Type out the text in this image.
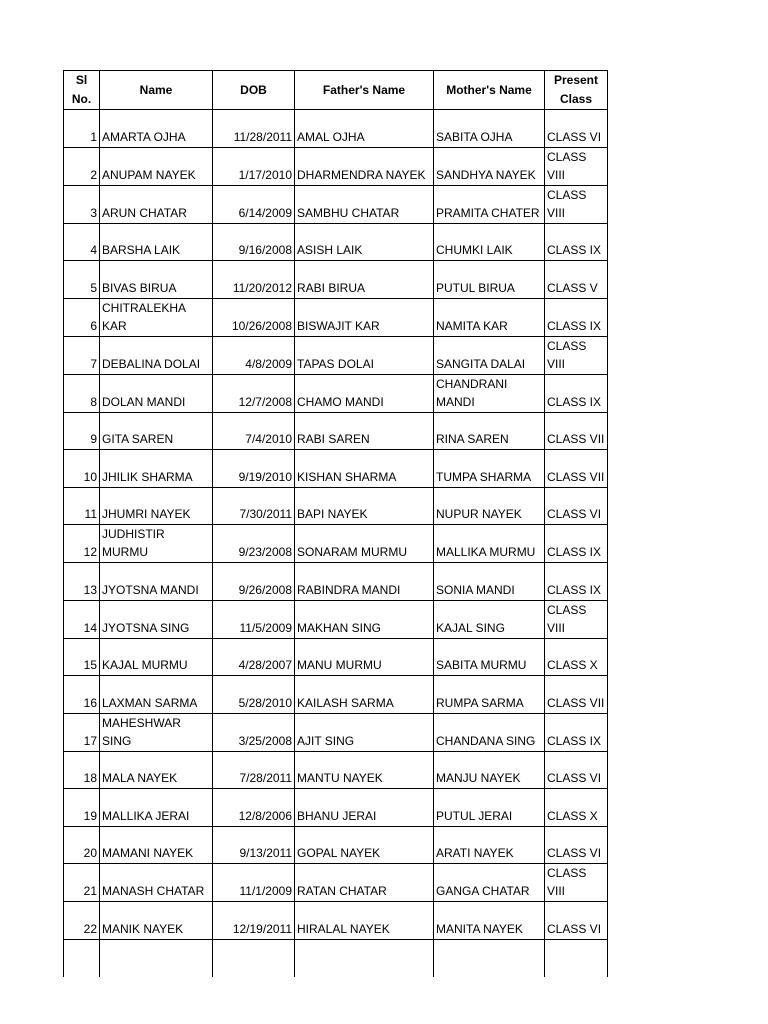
Sl No.	Name	DOB	Father's Name	Mother's Name	Present Class
1	AMARTA OJHA	11/28/2011	AMAL OJHA	SABITA OJHA	CLASS VI
2	ANUPAM NAYEK	1/17/2010	DHARMENDRA NAYEK	SANDHYA NAYEK	CLASS VIII
3	ARUN CHATAR	6/14/2009	SAMBHU CHATAR	PRAMITA CHATER	CLASS VIII
4	BARSHA LAIK	9/16/2008	ASISH LAIK	CHUMKI LAIK	CLASS IX
5	BIVAS BIRUA	11/20/2012	RABI BIRUA	PUTUL BIRUA	CLASS V
6	CHITRALEKHA KAR	10/26/2008	BISWAJIT KAR	NAMITA KAR	CLASS IX
7	DEBALINA DOLAI	4/8/2009	TAPAS DOLAI	SANGITA DALAI	CLASS VIII
8	DOLAN MANDI	12/7/2008	CHAMO MANDI	CHANDRANI MANDI	CLASS IX
9	GITA SAREN	7/4/2010	RABI SAREN	RINA SAREN	CLASS VII
10	JHILIK SHARMA	9/19/2010	KISHAN SHARMA	TUMPA SHARMA	CLASS VII
11	JHUMRI NAYEK	7/30/2011	BAPI NAYEK	NUPUR NAYEK	CLASS VI
12	JUDHISTIR MURMU	9/23/2008	SONARAM MURMU	MALLIKA MURMU	CLASS IX
13	JYOTSNA MANDI	9/26/2008	RABINDRA MANDI	SONIA MANDI	CLASS IX
14	JYOTSNA SING	11/5/2009	MAKHAN SING	KAJAL SING	CLASS VIII
15	KAJAL MURMU	4/28/2007	MANU MURMU	SABITA MURMU	CLASS X
16	LAXMAN SARMA	5/28/2010	KAILASH SARMA	RUMPA SARMA	CLASS VII
17	MAHESHWAR SING	3/25/2008	AJIT SING	CHANDANA SING	CLASS IX
18	MALA NAYEK	7/28/2011	MANTU NAYEK	MANJU NAYEK	CLASS VI
19	MALLIKA JERAI	12/8/2006	BHANU JERAI	PUTUL JERAI	CLASS X
20	MAMANI NAYEK	9/13/2011	GOPAL NAYEK	ARATI NAYEK	CLASS VI
21	MANASH CHATAR	11/1/2009	RATAN CHATAR	GANGA CHATAR	CLASS VIII
22	MANIK NAYEK	12/19/2011	HIRALAL NAYEK	MANITA NAYEK	CLASS VI
